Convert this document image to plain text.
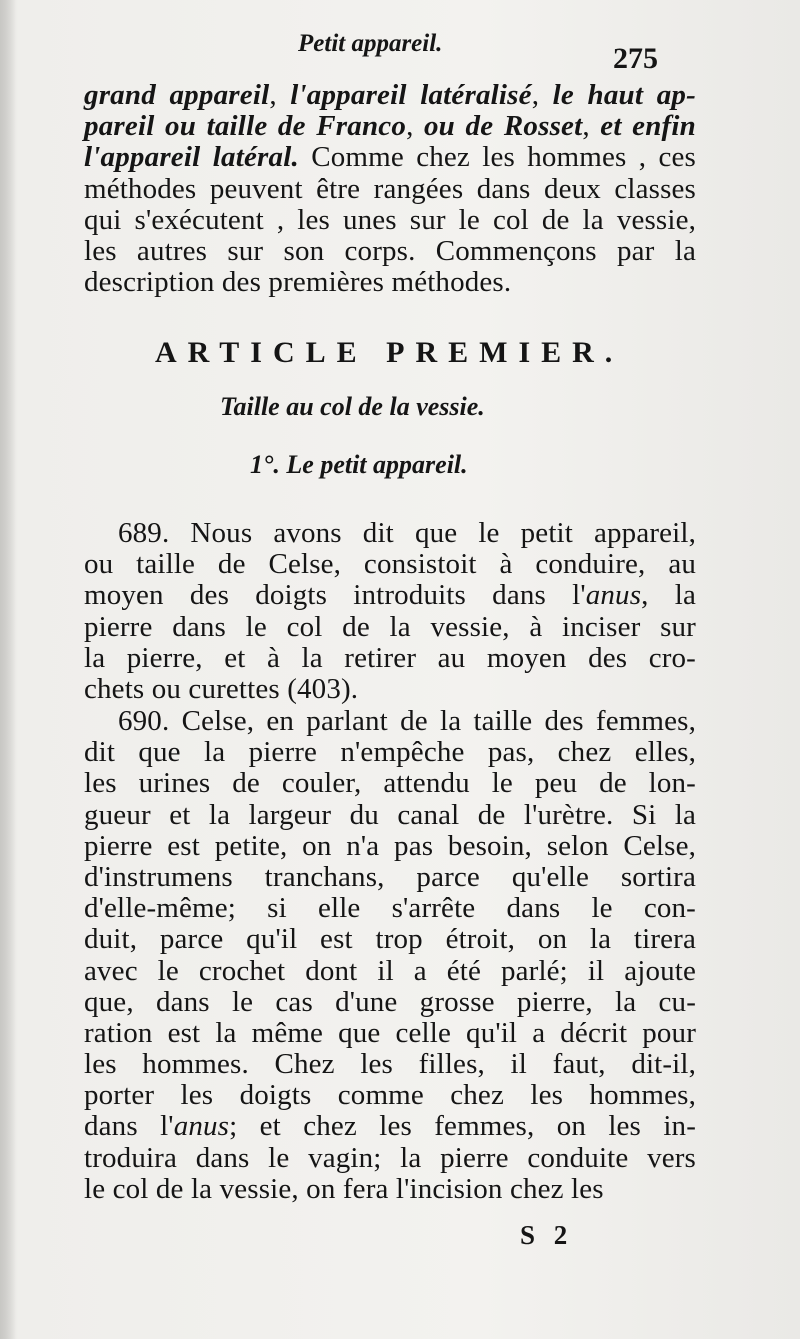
Petit appareil.	275
grand appareil, l'appareil latéralisé, le haut ap-
pareil ou taille de Franco, ou de Rosset, et enfin
l'appareil latéral. Comme chez les hommes , ces
méthodes peuvent être rangées dans deux classes
qui s'exécutent , les unes sur le col de la vessie,
les autres sur son corps. Commençons par la
description des premières méthodes.
ARTICLE PREMIER.
Taille au col de la vessie.
1°. Le petit appareil.
689. Nous avons dit que le petit appareil,
ou taille de Celse, consistoit à conduire, au
moyen des doigts introduits dans l'anus, la
pierre dans le col de la vessie, à inciser sur
la pierre, et à la retirer au moyen des cro-
chets ou curettes (403).
690. Celse, en parlant de la taille des femmes,
dit que la pierre n'empêche pas, chez elles,
les urines de couler, attendu le peu de lon-
gueur et la largeur du canal de l'urètre. Si la
pierre est petite, on n'a pas besoin, selon Celse,
d'instrumens tranchans, parce qu'elle sortira
d'elle-même; si elle s'arrête dans le con-
duit, parce qu'il est trop étroit, on la tirera
avec le crochet dont il a été parlé; il ajoute
que, dans le cas d'une grosse pierre, la cu-
ration est la même que celle qu'il a décrit pour
les hommes. Chez les filles, il faut, dit-il,
porter les doigts comme chez les hommes,
dans l'anus; et chez les femmes, on les in-
troduira dans le vagin; la pierre conduite vers
le col de la vessie, on fera l'incision chez les
S 2
